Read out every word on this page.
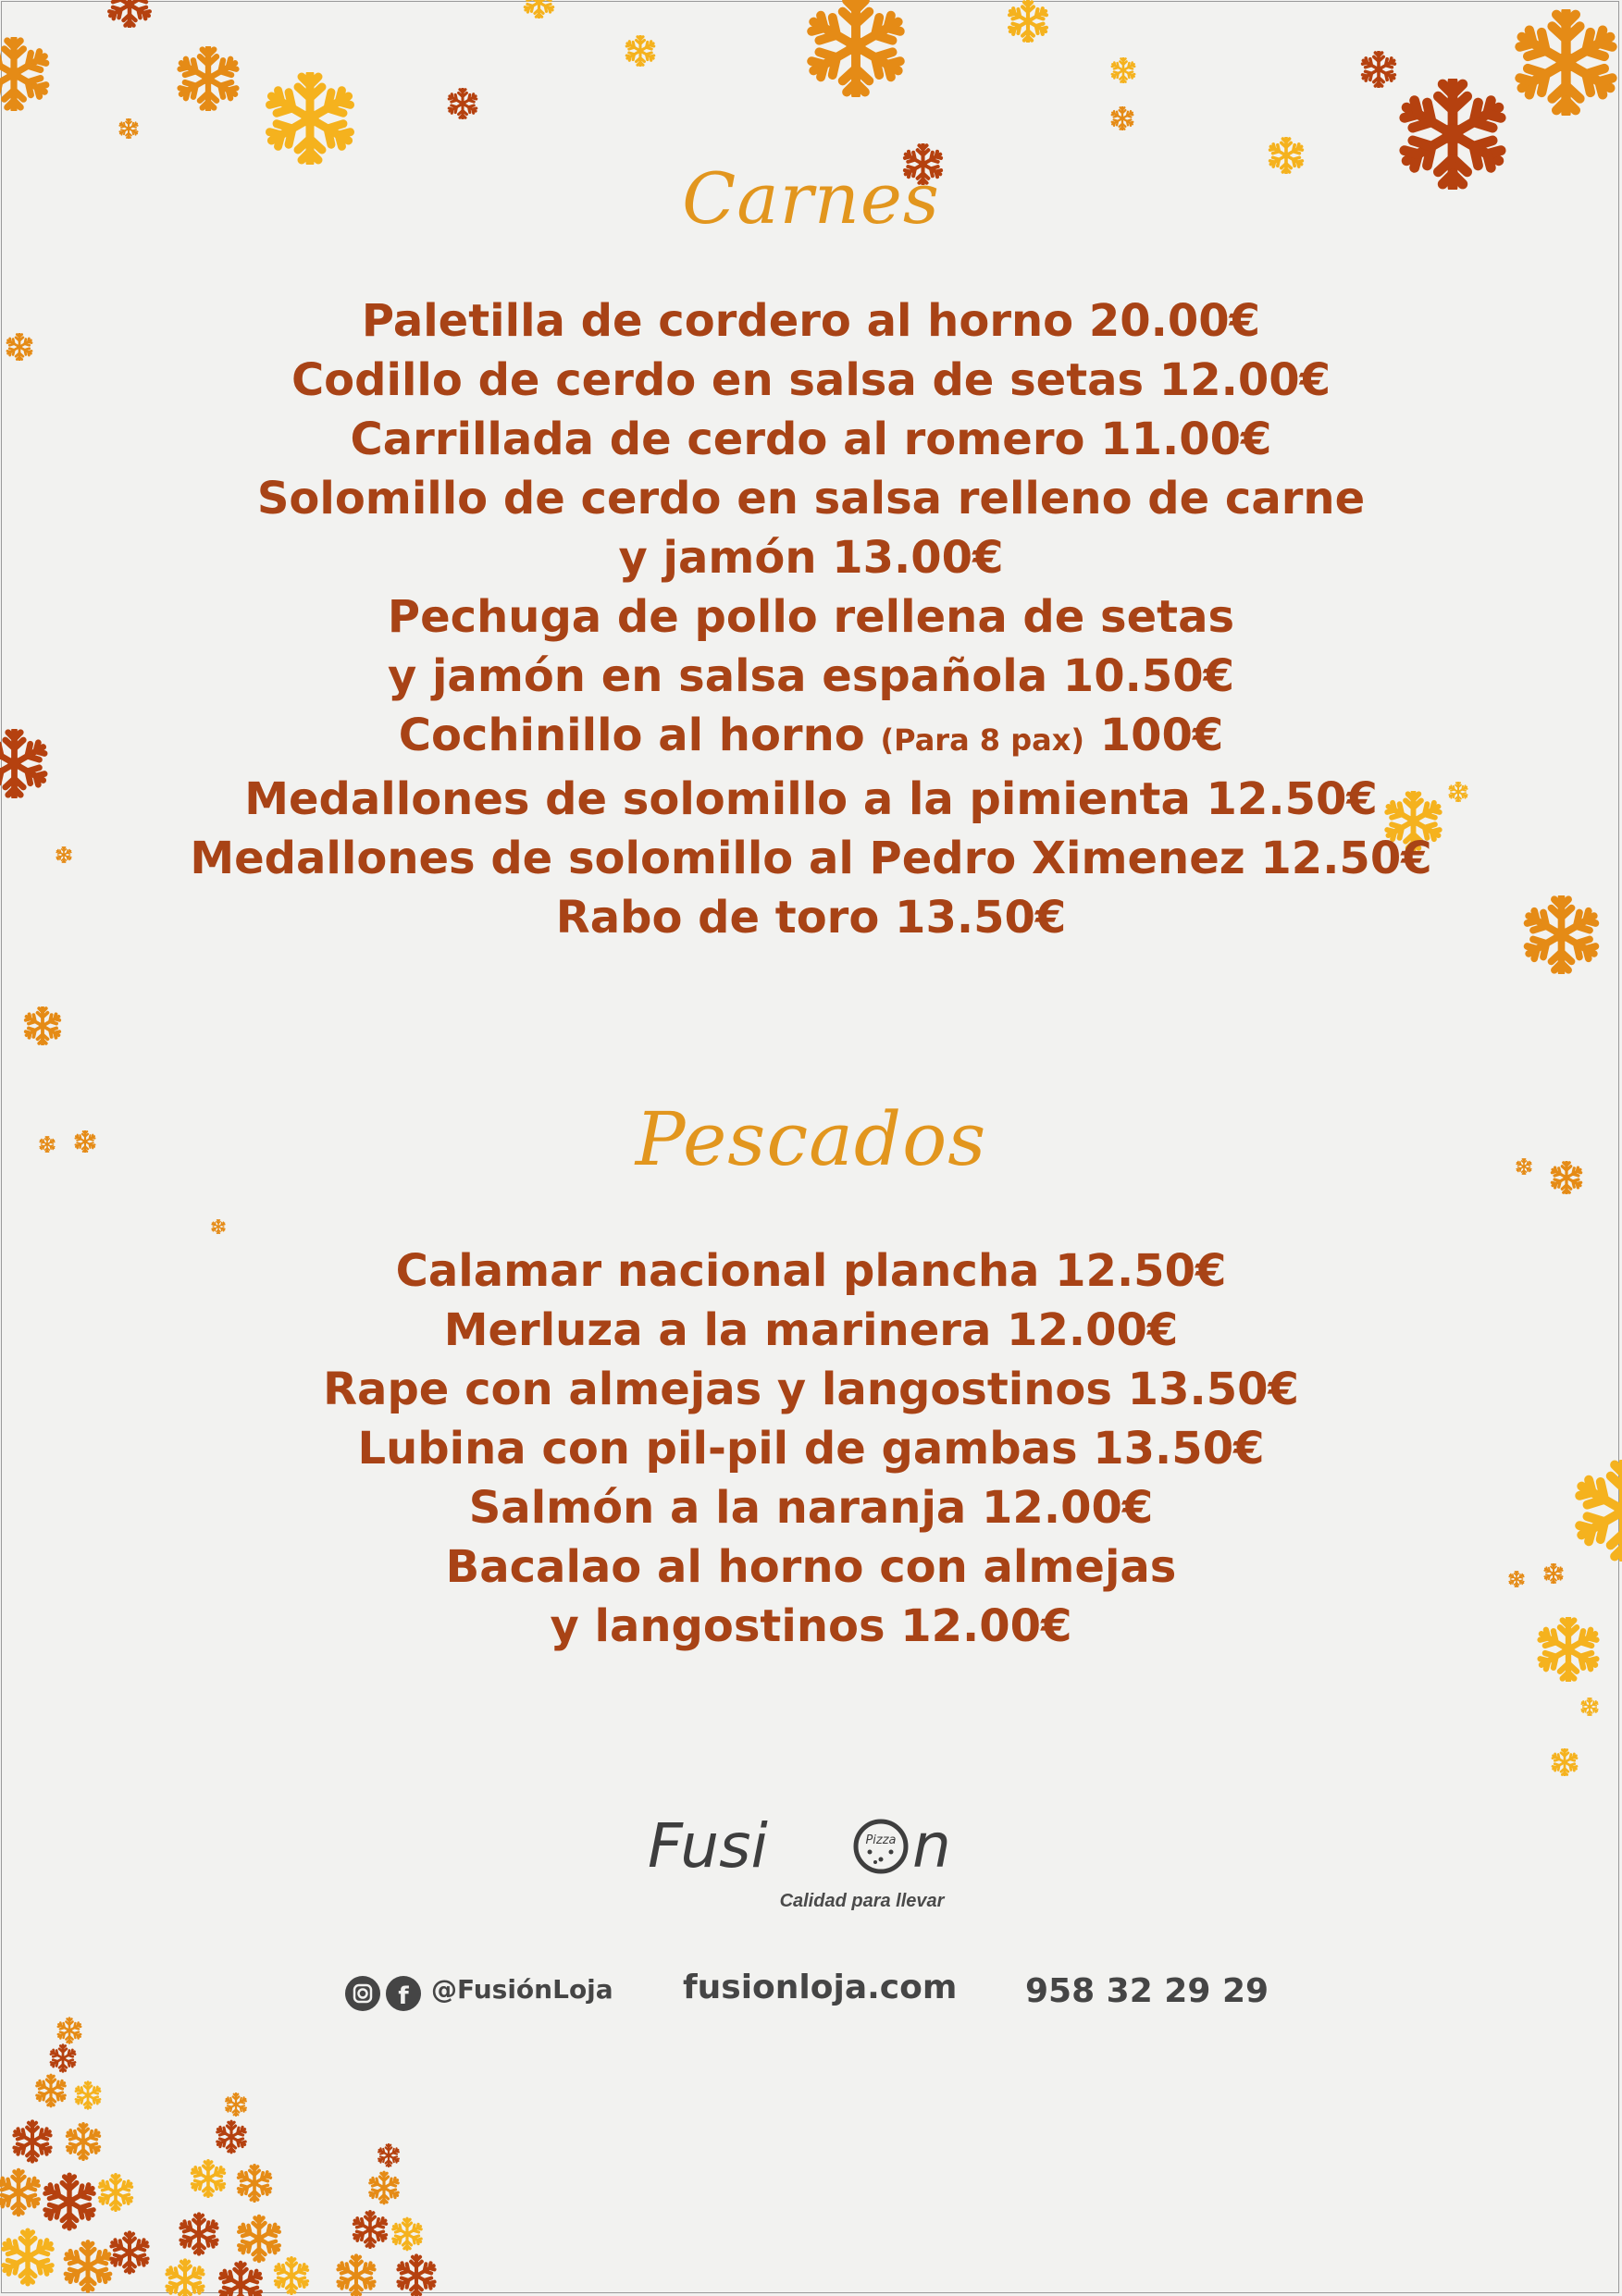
Carnes
Paletilla de cordero al horno 20.00€
Codillo de cerdo en salsa de setas 12.00€
Carrillada de cerdo al romero 11.00€
Solomillo de cerdo en salsa relleno de carne
y jamón 13.00€
Pechuga de pollo rellena de setas
y jamón en salsa española 10.50€
Cochinillo al horno (Para 8 pax) 100€
Medallones de solomillo a la pimienta 12.50€
Medallones de solomillo al Pedro Ximenez 12.50€
Rabo de toro 13.50€
Pescados
Calamar nacional plancha 12.50€
Merluza a la marinera 12.00€
Rape con almejas y langostinos 13.50€
Lubina con pil-pil de gambas 13.50€
Salmón a la naranja 12.00€
Bacalao al horno con almejas
y langostinos 12.00€
Fusi	Pizza n
Calidad para llevar
f @FusiónLoja fusionloja.com 958 32 29 29
